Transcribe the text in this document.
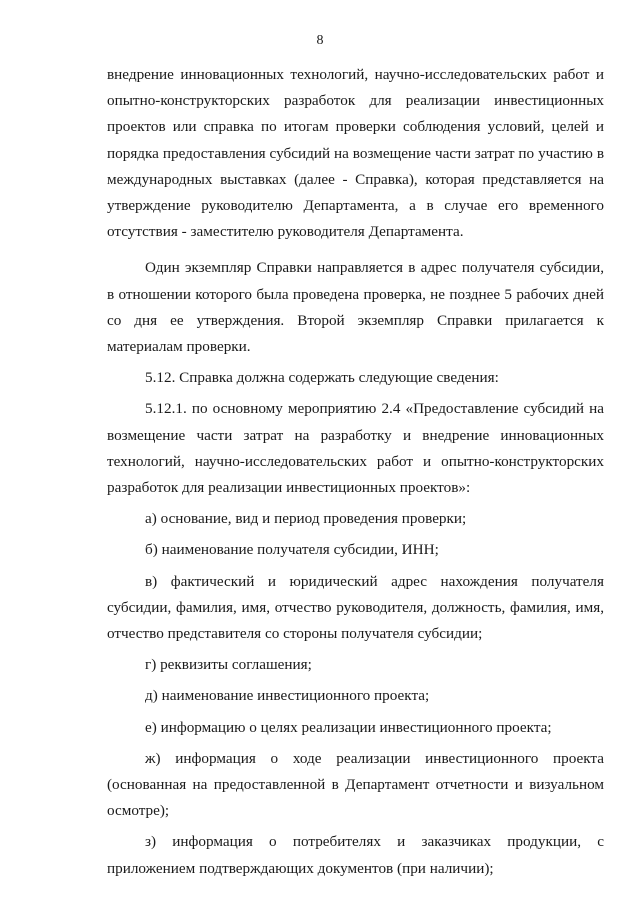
8

внедрение инновационных технологий, научно-исследовательских работ и опытно-конструкторских разработок для реализации инвестиционных проектов или справка по итогам проверки соблюдения условий, целей и порядка предоставления субсидий на возмещение части затрат по участию в международных выставках (далее - Справка), которая представляется на утверждение руководителю Департамента, а в случае его временного отсутствия - заместителю руководителя Департамента.

Один экземпляр Справки направляется в адрес получателя субсидии, в отношении которого была проведена проверка, не позднее 5 рабочих дней со дня ее утверждения. Второй экземпляр Справки прилагается к материалам проверки.

5.12. Справка должна содержать следующие сведения:

5.12.1. по основному мероприятию 2.4 «Предоставление субсидий на возмещение части затрат на разработку и внедрение инновационных технологий, научно-исследовательских работ и опытно-конструкторских разработок для реализации инвестиционных проектов»:

а) основание, вид и период проведения проверки;

б) наименование получателя субсидии, ИНН;

в) фактический и юридический адрес нахождения получателя субсидии, фамилия, имя, отчество руководителя, должность, фамилия, имя, отчество представителя со стороны получателя субсидии;

г) реквизиты соглашения;

д) наименование инвестиционного проекта;

е) информацию о целях реализации инвестиционного проекта;

ж) информация о ходе реализации инвестиционного проекта (основанная на предоставленной в Департамент отчетности и визуальном осмотре);

з) информация о потребителях и заказчиках продукции, с приложением подтверждающих документов (при наличии);
